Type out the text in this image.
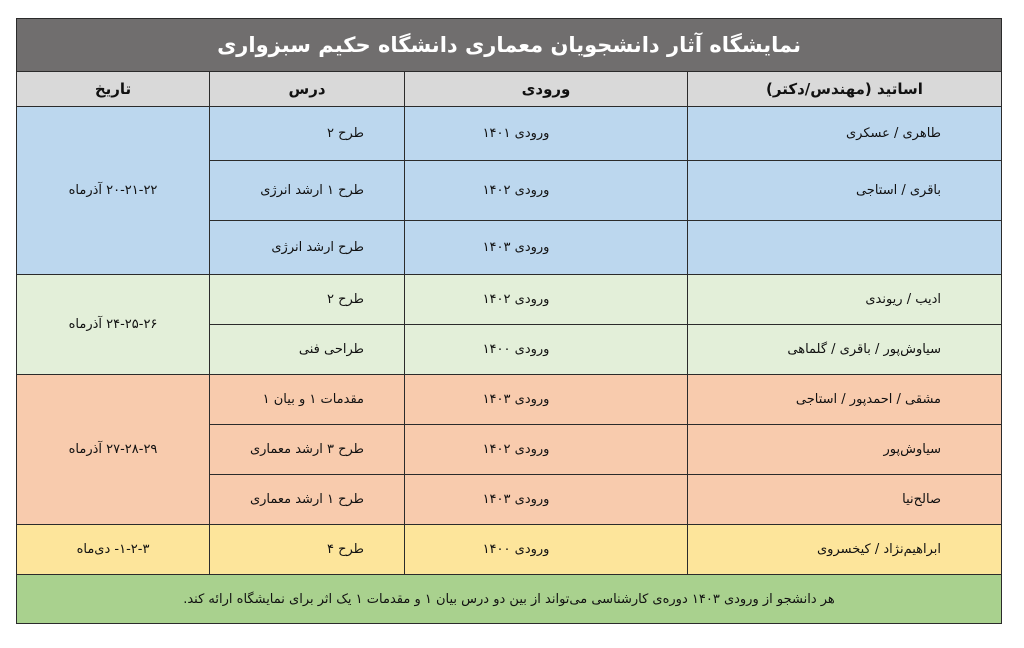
نمایشگاه آثار دانشجویان معماری دانشگاه حکیم سبزواری			
اساتید (مهندس/دکتر)	ورودی	درس	تاریخ

طاهری / عسکری	ورودی ۱۴۰۱	طرح ۲	۲۰-۲۱-۲۲ آذرماه

باقری / استاجی	ورودی ۱۴۰۲	طرح ۱ ارشد انرژی	

	ورودی ۱۴۰۳	طرح ارشد انرژی	

ادیب / ریوندی	ورودی ۱۴۰۲	طرح ۲	۲۴-۲۵-۲۶ آذرماه

سیاوش‌پور / باقری / گلماهی	ورودی ۱۴۰۰	طراحی فنی	

مشقی / احمدپور / استاجی	ورودی ۱۴۰۳	مقدمات ۱ و بیان ۱	۲۷-۲۸-۲۹ آذرماه

سیاوش‌پور	ورودی ۱۴۰۲	طرح ۳ ارشد معماری	

صالح‌نیا	ورودی ۱۴۰۳	طرح ۱ ارشد معماری	

ابراهیم‌نژاد / کیخسروی	ورودی ۱۴۰۰	طرح ۴	۱-۲-۳- دی‌ماه

هر دانشجو از ورودی ۱۴۰۳ دوره‌ی کارشناسی می‌تواند از بین دو درس بیان ۱ و مقدمات ۱ یک اثر برای نمایشگاه ارائه کند.			
